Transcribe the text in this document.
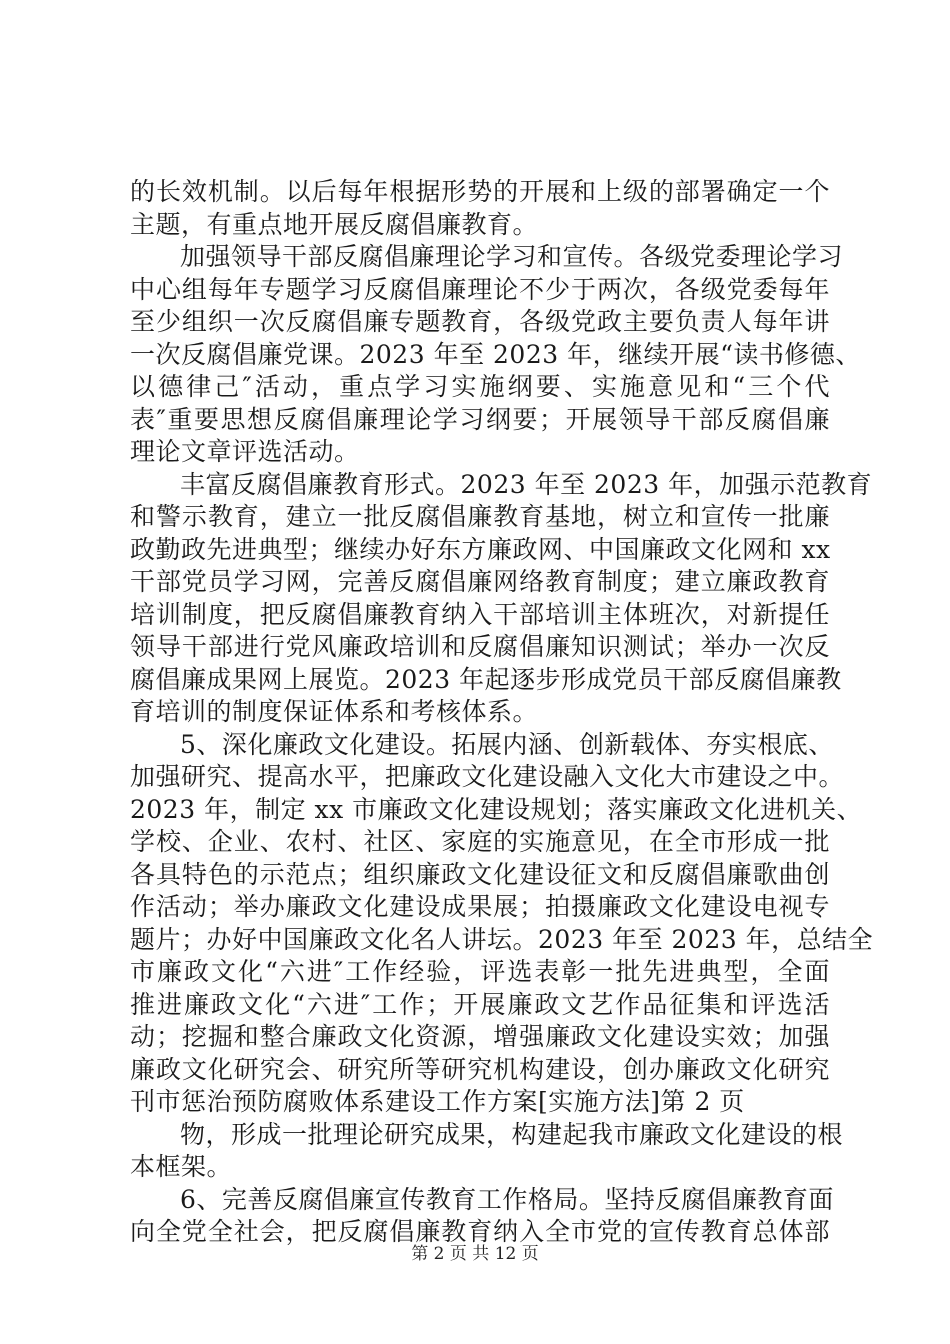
的长效机制。以后每年根据形势的开展和上级的部署确定一个
主题，有重点地开展反腐倡廉教育。
加强领导干部反腐倡廉理论学习和宣传。各级党委理论学习
中心组每年专题学习反腐倡廉理论不少于两次，各级党委每年
至少组织一次反腐倡廉专题教育，各级党政主要负责人每年讲
一次反腐倡廉党课。2023 年至 2023 年，继续开展“读书修德、
以德律己″活动，重点学习实施纲要、实施意见和“三个代
表″重要思想反腐倡廉理论学习纲要；开展领导干部反腐倡廉
理论文章评选活动。
丰富反腐倡廉教育形式。2023 年至 2023 年，加强示范教育
和警示教育，建立一批反腐倡廉教育基地，树立和宣传一批廉
政勤政先进典型；继续办好东方廉政网、中国廉政文化网和 xx
干部党员学习网，完善反腐倡廉网络教育制度；建立廉政教育
培训制度，把反腐倡廉教育纳入干部培训主体班次，对新提任
领导干部进行党风廉政培训和反腐倡廉知识测试；举办一次反
腐倡廉成果网上展览。2023 年起逐步形成党员干部反腐倡廉教
育培训的制度保证体系和考核体系。
5、深化廉政文化建设。拓展内涵、创新载体、夯实根底、
加强研究、提高水平，把廉政文化建设融入文化大市建设之中。
2023 年，制定 xx 市廉政文化建设规划；落实廉政文化进机关、
学校、企业、农村、社区、家庭的实施意见，在全市形成一批
各具特色的示范点；组织廉政文化建设征文和反腐倡廉歌曲创
作活动；举办廉政文化建设成果展；拍摄廉政文化建设电视专
题片；办好中国廉政文化名人讲坛。2023 年至 2023 年，总结全
市廉政文化“六进″工作经验，评选表彰一批先进典型，全面
推进廉政文化“六进″工作；开展廉政文艺作品征集和评选活
动；挖掘和整合廉政文化资源，增强廉政文化建设实效；加强
廉政文化研究会、研究所等研究机构建设，创办廉政文化研究
刊市惩治预防腐败体系建设工作方案[实施方法]第 2 页
物，形成一批理论研究成果，构建起我市廉政文化建设的根
本框架。
6、完善反腐倡廉宣传教育工作格局。坚持反腐倡廉教育面
向全党全社会，把反腐倡廉教育纳入全市党的宣传教育总体部
第 2 页 共 12 页
